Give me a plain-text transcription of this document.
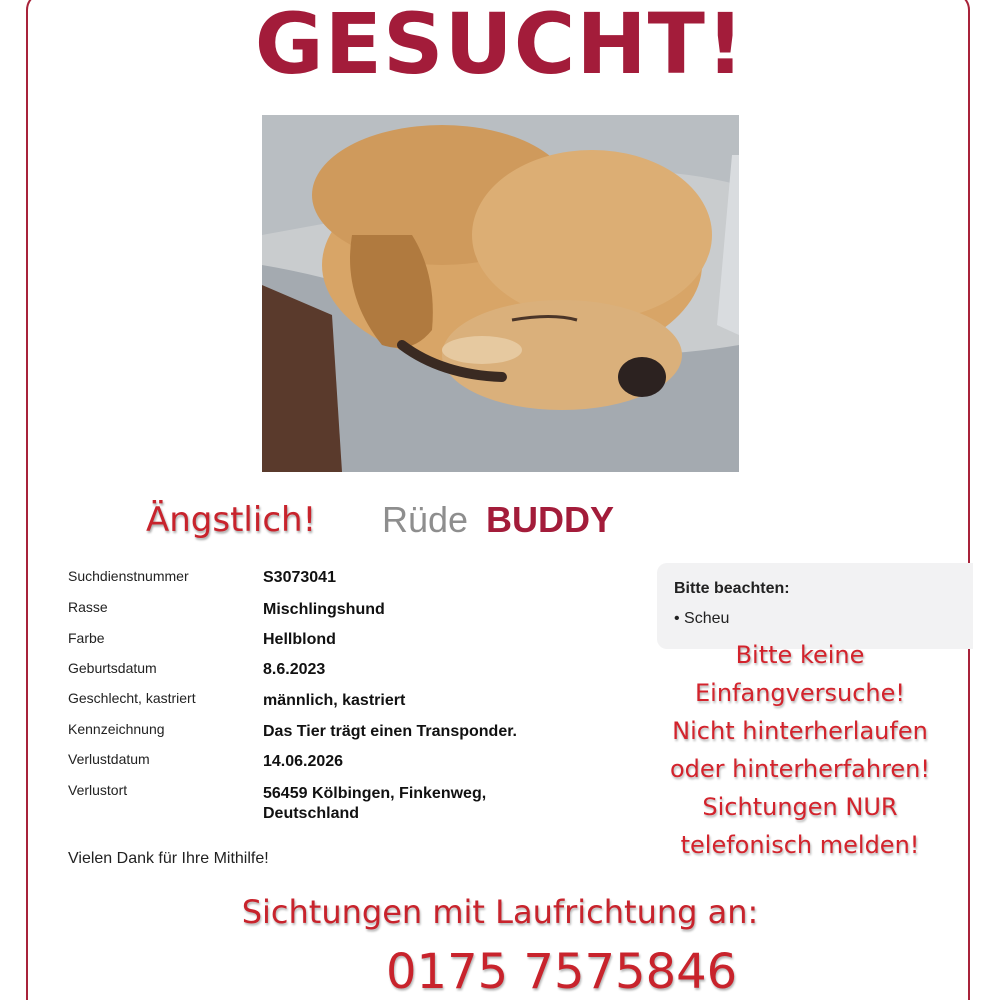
GESUCHT!
Ängstlich! Rüde BUDDY
Suchdienstnummer	S3073041
Rasse	Mischlingshund
Farbe	Hellblond
Geburtsdatum	8.6.2023
Geschlecht, kastriert	männlich, kastriert
Kennzeichnung	Das Tier trägt einen Transponder.
Verlustdatum	14.06.2026
Verlustort	56459 Kölbingen, Finkenweg, Deutschland
Vielen Dank für Ihre Mithilfe!
Bitte beachten:
• Scheu
Bitte keine
Einfangversuche!
Nicht hinterherlaufen
oder hinterherfahren!
Sichtungen NUR
telefonisch melden!
Sichtungen mit Laufrichtung an:
0175 7575846
